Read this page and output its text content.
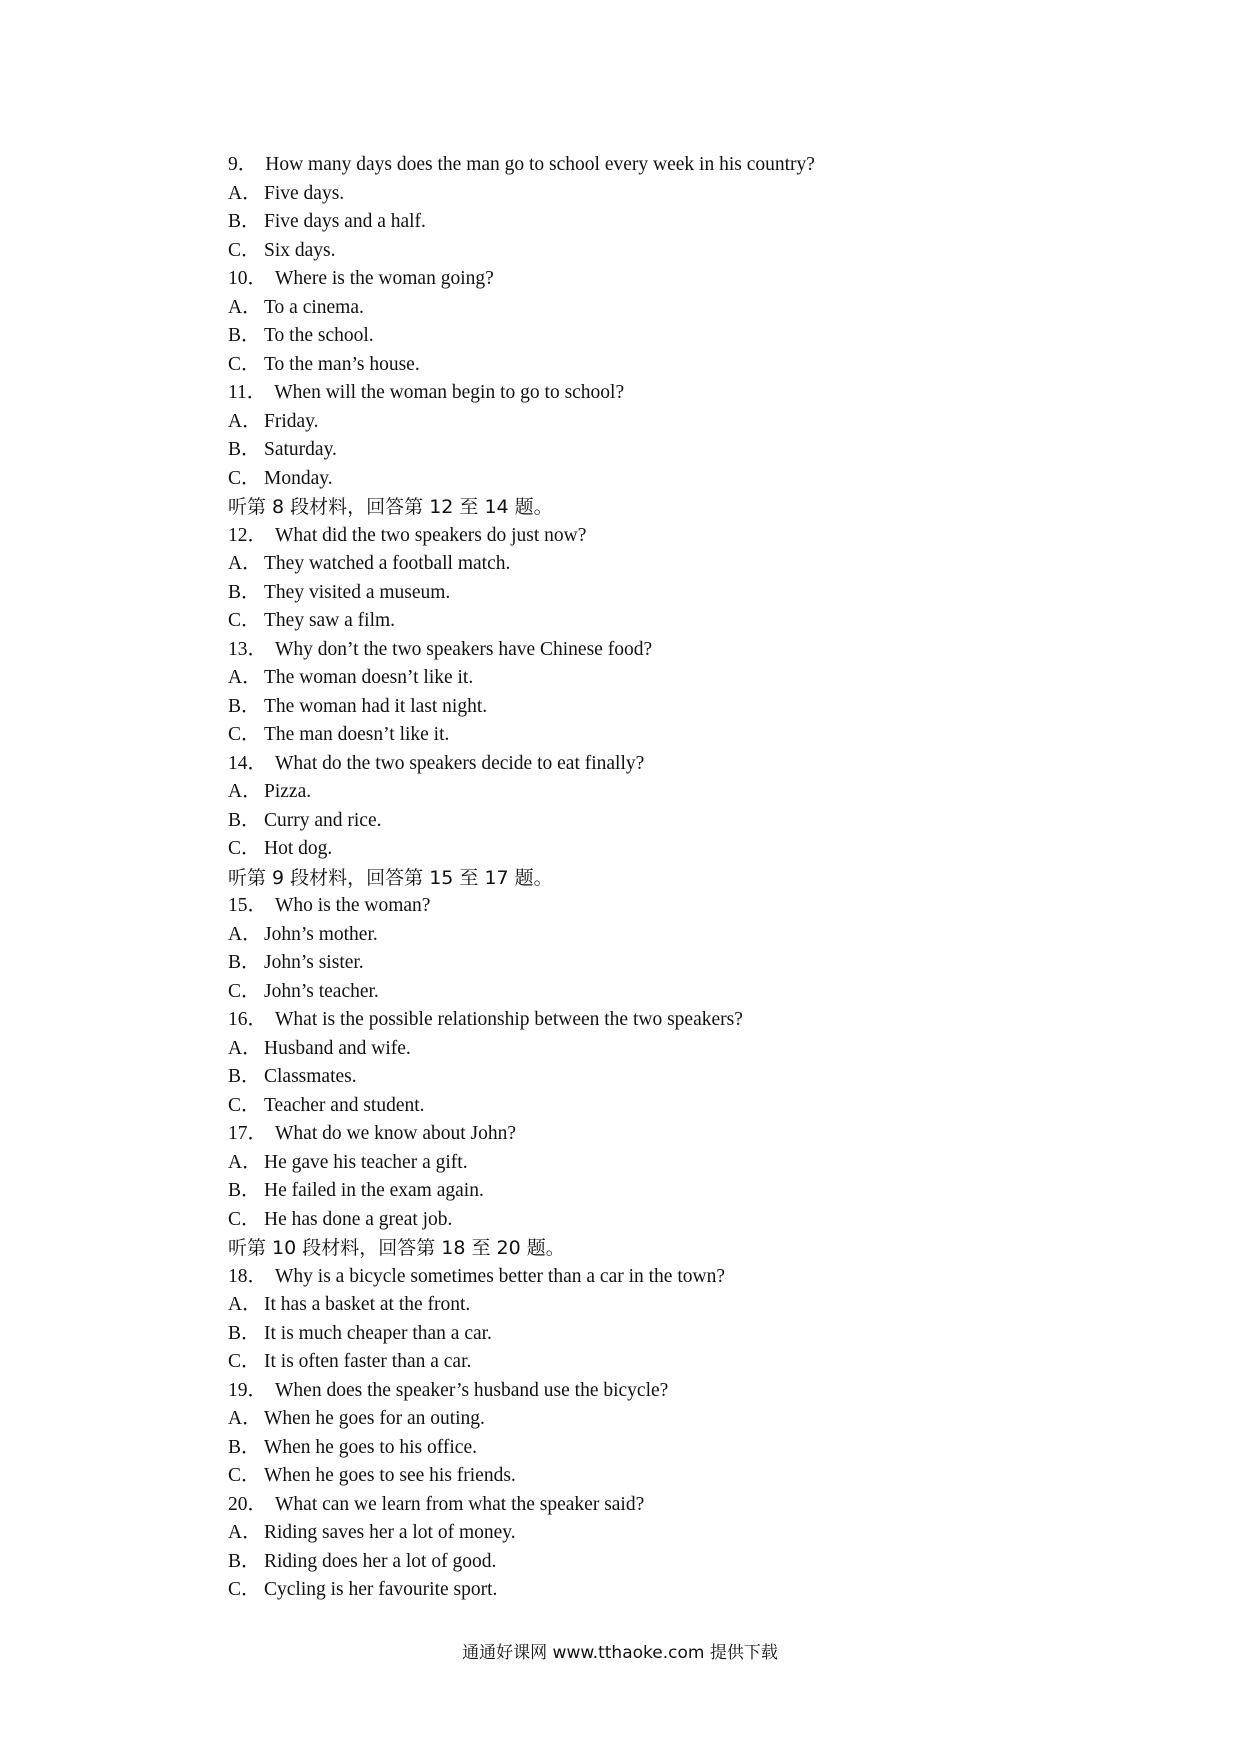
9． How many days does the man go to school every week in his country?
A． Five days.
B． Five days and a half.
C． Six days.
10． Where is the woman going?
A． To a cinema.
B． To the school.
C． To the man’s house.
11． When will the woman begin to go to school?
A． Friday.
B． Saturday.
C． Monday.
听第 8 段材料，回答第 12 至 14 题。
12． What did the two speakers do just now?
A． They watched a football match.
B． They visited a museum.
C． They saw a film.
13． Why don’t the two speakers have Chinese food?
A． The woman doesn’t like it.
B． The woman had it last night.
C． The man doesn’t like it.
14． What do the two speakers decide to eat finally?
A． Pizza.
B． Curry and rice.
C． Hot dog.
听第 9 段材料，回答第 15 至 17 题。
15． Who is the woman?
A． John’s mother.
B． John’s sister.
C． John’s teacher.
16． What is the possible relationship between the two speakers?
A． Husband and wife.
B． Classmates.
C． Teacher and student.
17． What do we know about John?
A． He gave his teacher a gift.
B． He failed in the exam again.
C． He has done a great job.
听第 10 段材料，回答第 18 至 20 题。
18． Why is a bicycle sometimes better than a car in the town?
A． It has a basket at the front.
B． It is much cheaper than a car.
C． It is often faster than a car.
19． When does the speaker’s husband use the bicycle?
A． When he goes for an outing.
B． When he goes to his office.
C． When he goes to see his friends.
20． What can we learn from what the speaker said?
A． Riding saves her a lot of money.
B． Riding does her a lot of good.
C． Cycling is her favourite sport.
通通好课网 www.tthaoke.com 提供下载
